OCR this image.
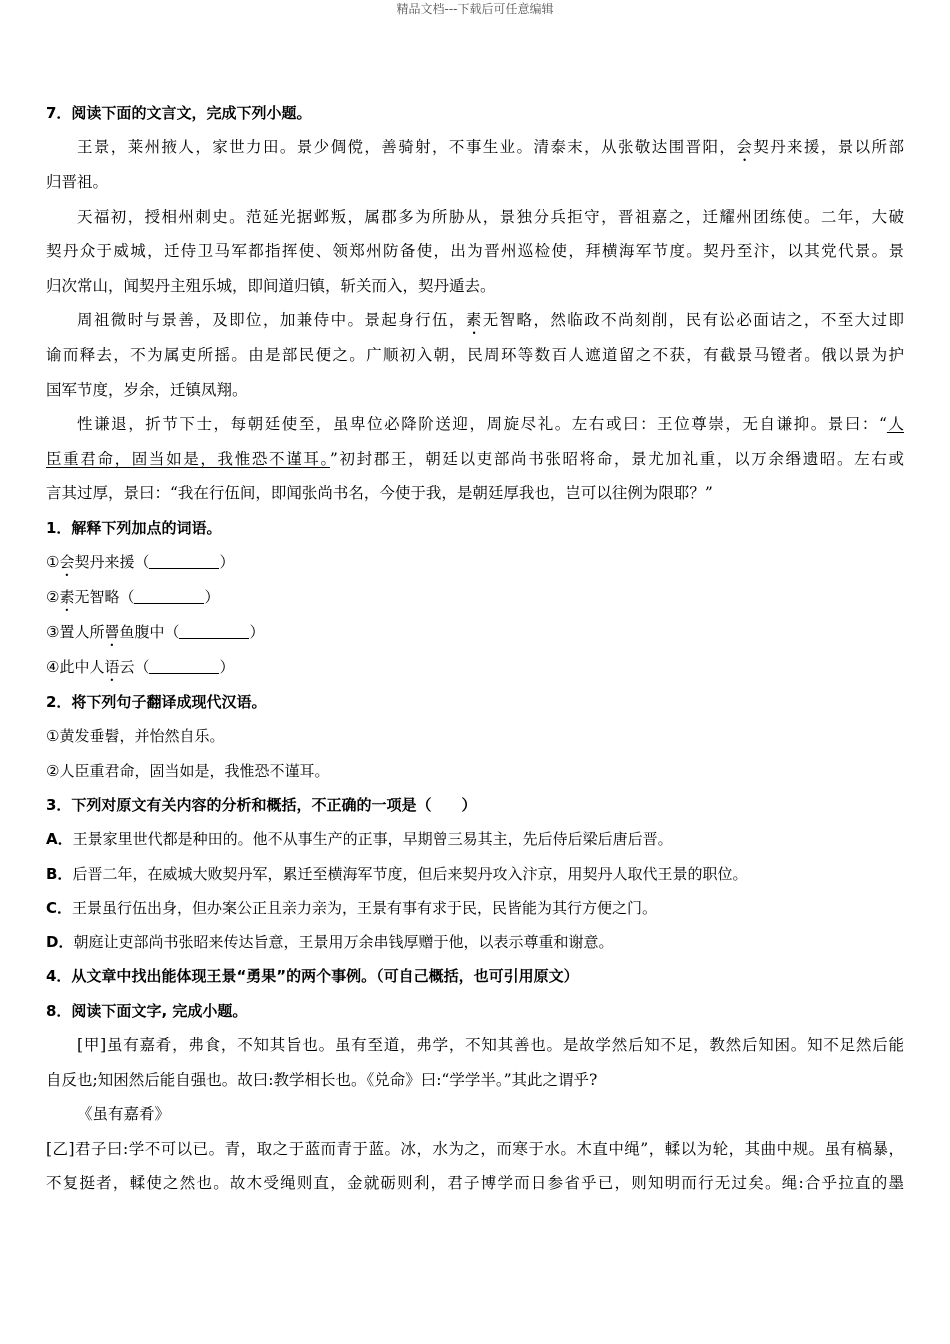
精品文档---下载后可任意编辑
7．阅读下面的文言文，完成下列小题。
王景，莱州掖人，家世力田。景少倜傥，善骑射，不事生业。清泰末，从张敬达围晋阳，会契丹来援，景以所部
归晋祖。
天福初，授相州刺史。范延光据邺叛，属郡多为所胁从，景独分兵拒守，晋祖嘉之，迁耀州团练使。二年，大破
契丹众于威城，迁侍卫马军都指挥使、领郑州防备使，出为晋州巡检使，拜横海军节度。契丹至汴，以其党代景。景
归次常山，闻契丹主殂乐城，即间道归镇，斩关而入，契丹遁去。
周祖微时与景善，及即位，加兼侍中。景起身行伍，素无智略，然临政不尚刻削，民有讼必面诘之，不至大过即
谕而释去，不为属吏所摇。由是部民便之。广顺初入朝，民周环等数百人遮道留之不获，有截景马镫者。俄以景为护
国军节度，岁余，迁镇凤翔。
性谦退，折节下士，每朝廷使至，虽卑位必降阶送迎，周旋尽礼。左右或曰：王位尊崇，无自谦抑。景曰：“人
臣重君命，固当如是，我惟恐不谨耳。”初封郡王，朝廷以吏部尚书张昭将命，景尤加礼重，以万余缗遗昭。左右或
言其过厚，景曰：“我在行伍间，即闻张尚书名，今使于我，是朝廷厚我也，岂可以往例为限耶？”
1．解释下列加点的词语。
①会契丹来援（	）
②素无智略（	）
③置人所罾鱼腹中（	）
④此中人语云（	）
2．将下列句子翻译成现代汉语。
①黄发垂髫，并怡然自乐。
②人臣重君命，固当如是，我惟恐不谨耳。
3．下列对原文有关内容的分析和概括，不正确的一项是（　　）
A．王景家里世代都是种田的。他不从事生产的正事，早期曾三易其主，先后侍后梁后唐后晋。
B．后晋二年，在威城大败契丹军，累迁至横海军节度，但后来契丹攻入汴京，用契丹人取代王景的职位。
C．王景虽行伍出身，但办案公正且亲力亲为，王景有事有求于民，民皆能为其行方便之门。
D．朝庭让吏部尚书张昭来传达旨意，王景用万余串钱厚赠于他，以表示尊重和谢意。
4．从文章中找出能体现王景“勇果”的两个事例。（可自己概括，也可引用原文）
8．阅读下面文字, 完成小题。
[甲]虽有嘉肴，弗食，不知其旨也。虽有至道，弗学，不知其善也。是故学然后知不足，教然后知困。知不足然后能
自反也;知困然后能自强也。故曰:教学相长也。《兑命》曰:“学学半。”其此之谓乎?
《虽有嘉肴》
[乙]君子曰:学不可以已。青，取之于蓝而青于蓝。冰，水为之，而寒于水。木直中绳”，輮以为轮，其曲中规。虽有槁暴，
不复挺者，輮使之然也。故木受绳则直，金就砺则利，君子博学而日参省乎已，则知明而行无过矣。绳:合乎拉直的墨
